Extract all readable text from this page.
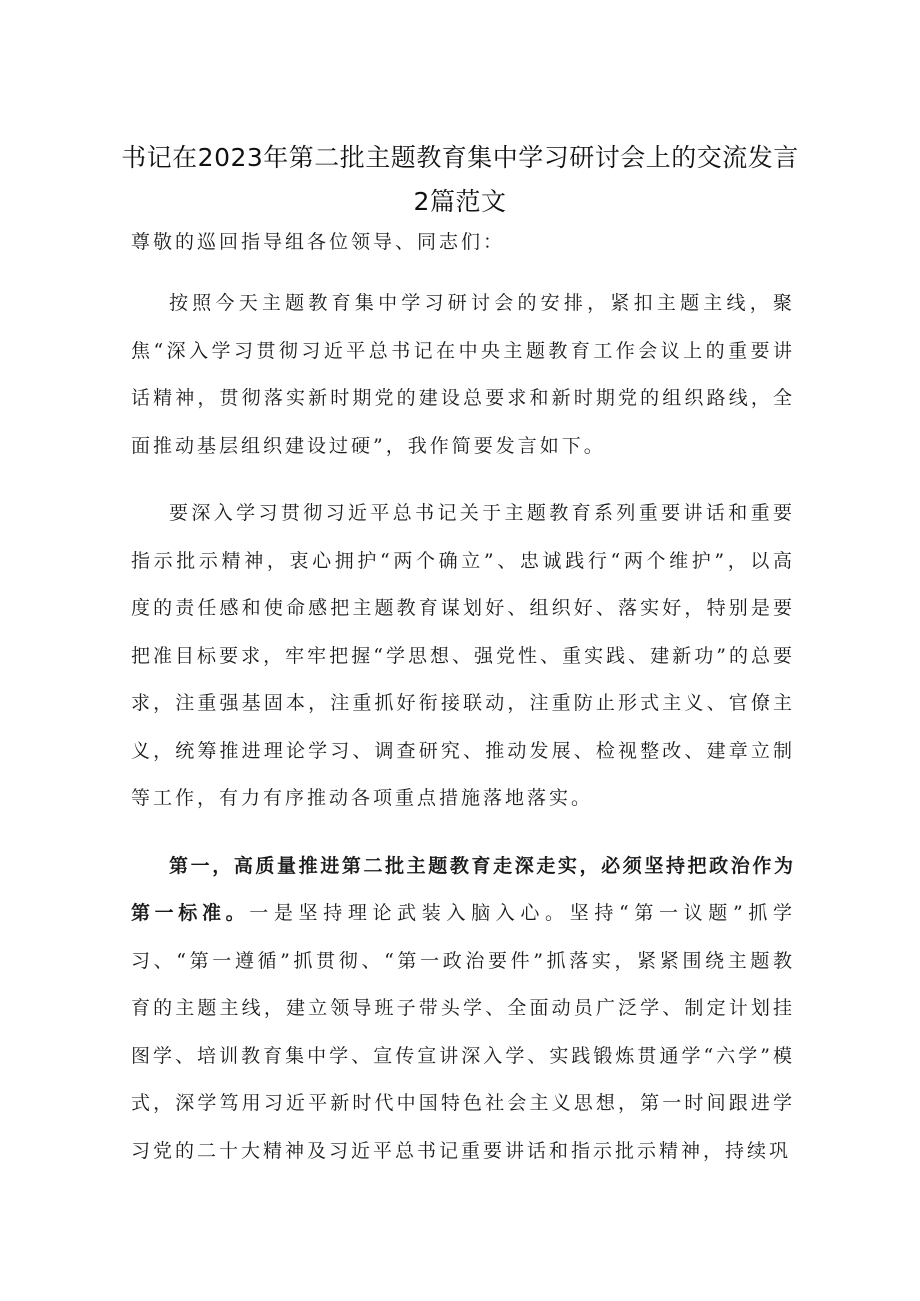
书记在2023年第二批主题教育集中学习研讨会上的交流发言2篇范文

尊敬的巡回指导组各位领导、同志们：

按照今天主题教育集中学习研讨会的安排，紧扣主题主线，聚焦“深入学习贯彻习近平总书记在中央主题教育工作会议上的重要讲话精神，贯彻落实新时期党的建设总要求和新时期党的组织路线，全面推动基层组织建设过硬”，我作简要发言如下。

要深入学习贯彻习近平总书记关于主题教育系列重要讲话和重要指示批示精神，衷心拥护“两个确立”、忠诚践行“两个维护”，以高度的责任感和使命感把主题教育谋划好、组织好、落实好，特别是要把准目标要求，牢牢把握“学思想、强党性、重实践、建新功”的总要求，注重强基固本，注重抓好衔接联动，注重防止形式主义、官僚主义，统筹推进理论学习、调查研究、推动发展、检视整改、建章立制等工作，有力有序推动各项重点措施落地落实。

第一，高质量推进第二批主题教育走深走实，必须坚持把政治作为第一标准。一是坚持理论武装入脑入心。坚持“第一议题”抓学习、“第一遵循”抓贯彻、“第一政治要件”抓落实，紧紧围绕主题教育的主题主线，建立领导班子带头学、全面动员广泛学、制定计划挂图学、培训教育集中学、宣传宣讲深入学、实践锻炼贯通学“六学”模式，深学笃用习近平新时代中国特色社会主义思想，第一时间跟进学习党的二十大精神及习近平总书记重要讲话和指示批示精神，持续巩
